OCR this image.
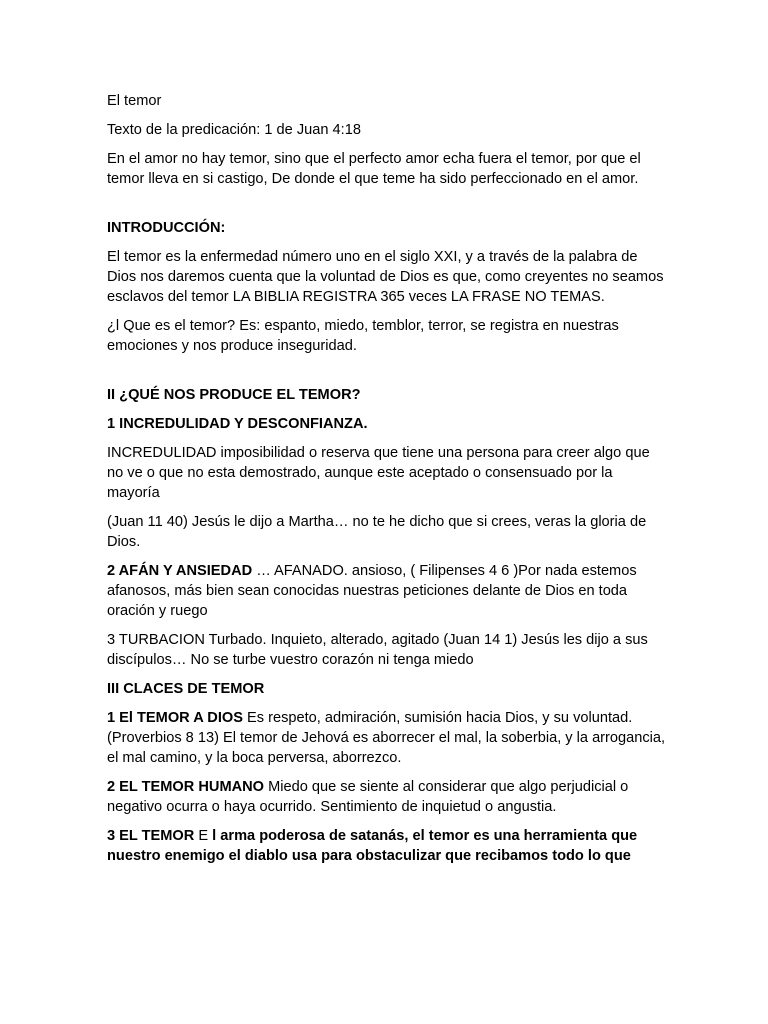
El temor

Texto de la predicación: 1 de Juan 4:18

En el amor no hay temor, sino que el perfecto amor echa fuera el temor, por que el temor lleva en si castigo, De donde el que teme ha sido perfeccionado en el amor.

INTRODUCCIÓN:

El temor es la enfermedad número uno en el siglo XXI, y a través de la palabra de Dios nos daremos cuenta que la voluntad de Dios es que, como creyentes no seamos esclavos del temor LA BIBLIA REGISTRA 365 veces LA FRASE NO TEMAS.

¿l Que es el temor? Es: espanto, miedo, temblor, terror, se registra en nuestras emociones y nos produce inseguridad.

II ¿QUÉ NOS PRODUCE EL TEMOR?

1 INCREDULIDAD Y DESCONFIANZA.

INCREDULIDAD imposibilidad o reserva que tiene una persona para creer algo que no ve o que no esta demostrado, aunque este aceptado o consensuado por la mayoría

(Juan 11 40) Jesús le dijo a Martha… no te he dicho que si crees, veras la gloria de Dios.

2 AFÁN Y ANSIEDAD … AFANADO. ansioso, ( Filipenses 4 6 )Por nada estemos afanosos, más bien sean conocidas nuestras peticiones delante de Dios en toda oración y ruego

3 TURBACION Turbado. Inquieto, alterado, agitado (Juan 14 1) Jesús les dijo a sus discípulos… No se turbe vuestro corazón ni tenga miedo

III CLACES DE TEMOR

1 El TEMOR A DIOS Es respeto, admiración, sumisión hacia Dios, y su voluntad. (Proverbios 8 13) El temor de Jehová es aborrecer el mal, la soberbia, y la arrogancia, el mal camino, y la boca perversa, aborrezco.

2 EL TEMOR HUMANO Miedo que se siente al considerar que algo perjudicial o negativo ocurra o haya ocurrido. Sentimiento de inquietud o angustia.

3 EL TEMOR E l arma poderosa de satanás, el temor es una herramienta que nuestro enemigo el diablo usa para obstaculizar que recibamos todo lo que
